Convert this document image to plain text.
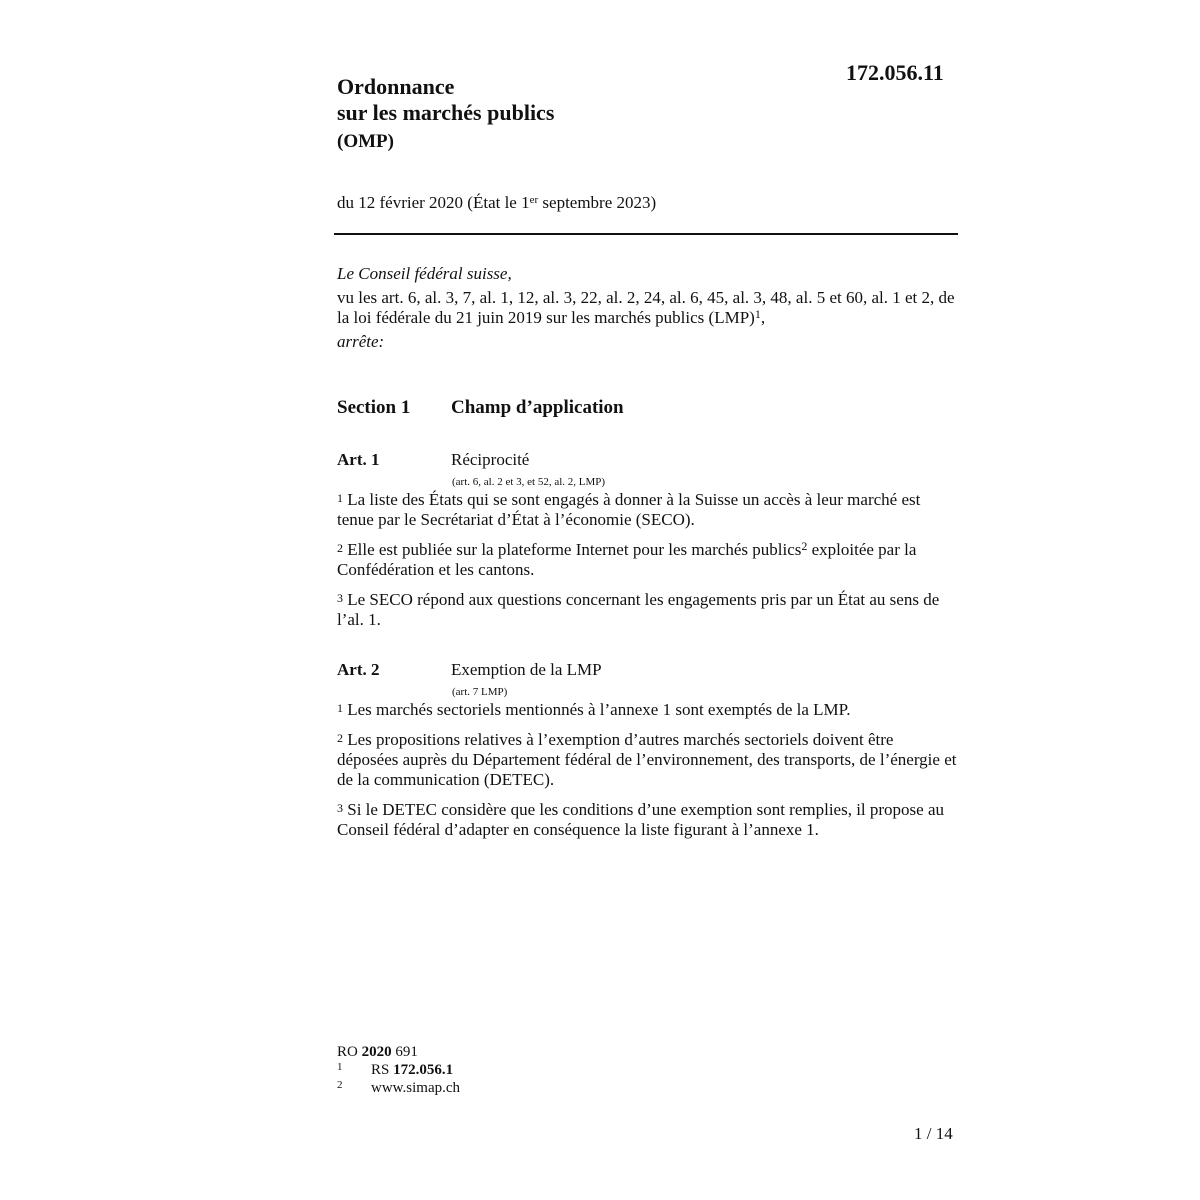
172.056.11
Ordonnance
sur les marchés publics
(OMP)
du 12 février 2020 (État le 1er septembre 2023)

Le Conseil fédéral suisse,

vu les art. 6, al. 3, 7, al. 1, 12, al. 3, 22, al. 2, 24, al. 6, 45, al. 3, 48, al. 5 et 60, al. 1 et 2, de la loi fédérale du 21 juin 2019 sur les marchés publics (LMP)$^1$,

arrête:

Section 1 Champ d’application
Art. 1	Réciprocité
(art. 6, al. 2 et 3, et 52, al. 2, LMP)

1 La liste des États qui se sont engagés à donner à la Suisse un accès à leur marché est tenue par le Secrétariat d’État à l’économie (SECO).

2 Elle est publiée sur la plateforme Internet pour les marchés publics$^2$ exploitée par la Confédération et les cantons.

3 Le SECO répond aux questions concernant les engagements pris par un État au sens de l’al. 1.

Art. 2	Exemption de la LMP
(art. 7 LMP)

1 Les marchés sectoriels mentionnés à l’annexe 1 sont exemptés de la LMP.

2 Les propositions relatives à l’exemption d’autres marchés sectoriels doivent être déposées auprès du Département fédéral de l’environnement, des transports, de l’énergie et de la communication (DETEC).

3 Si le DETEC considère que les conditions d’une exemption sont remplies, il propose au Conseil fédéral d’adapter en conséquence la liste figurant à l’annexe 1.

RO 2020 691
1 RS 172.056.1
2 www.simap.ch
1 / 14
